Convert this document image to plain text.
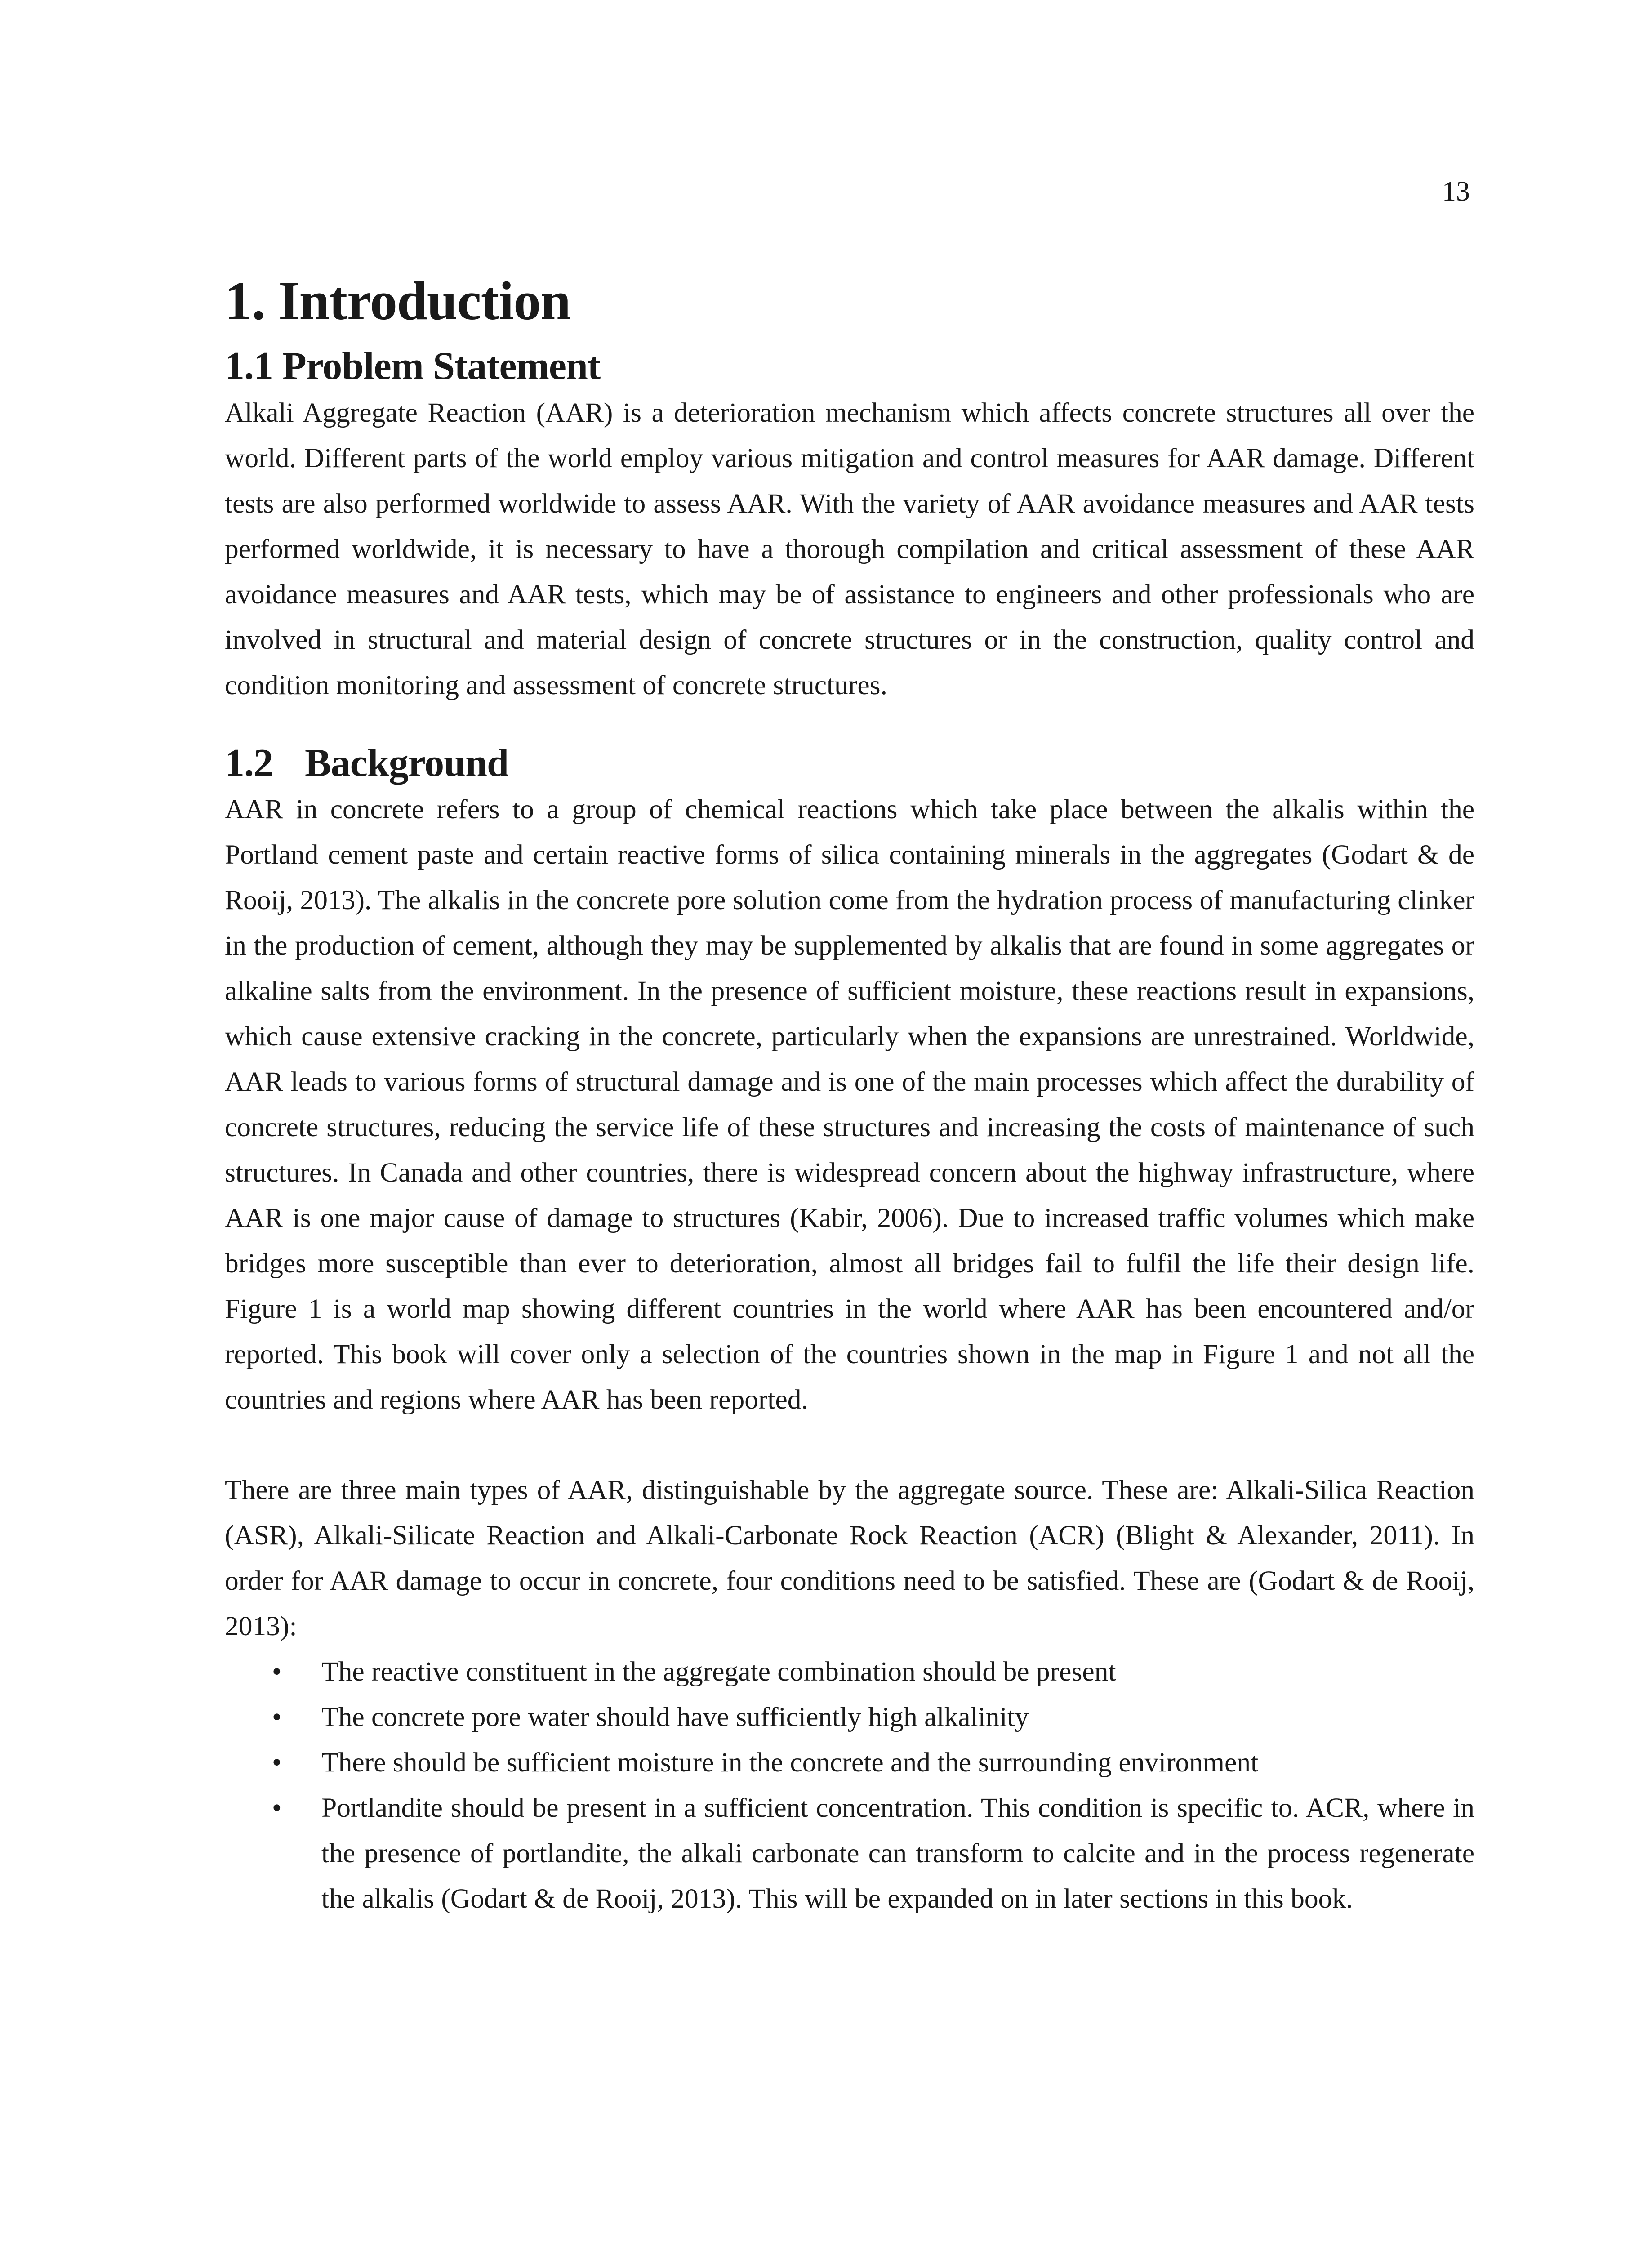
13
1. Introduction
1.1 Problem Statement

Alkali Aggregate Reaction (AAR) is a deterioration mechanism which affects concrete structures all over the world. Different parts of the world employ various mitigation and control measures for AAR damage. Different tests are also performed worldwide to assess AAR. With the variety of AAR avoidance measures and AAR tests performed worldwide, it is necessary to have a thorough compilation and critical assessment of these AAR avoidance measures and AAR tests, which may be of assistance to engineers and other professionals who are involved in structural and material design of concrete structures or in the construction, quality control and condition monitoring and assessment of concrete structures.

1.2 Background

AAR in concrete refers to a group of chemical reactions which take place between the alkalis within the Portland cement paste and certain reactive forms of silica containing minerals in the aggregates (Godart & de Rooij, 2013). The alkalis in the concrete pore solution come from the hydration process of manufacturing clinker in the production of cement, although they may be supplemented by alkalis that are found in some aggregates or alkaline salts from the environment. In the presence of sufficient moisture, these reactions result in expansions, which cause extensive cracking in the concrete, particularly when the expansions are unrestrained. Worldwide, AAR leads to various forms of structural damage and is one of the main processes which affect the durability of concrete structures, reducing the service life of these structures and increasing the costs of maintenance of such structures. In Canada and other countries, there is widespread concern about the highway infrastructure, where AAR is one major cause of damage to structures (Kabir, 2006). Due to increased traffic volumes which make bridges more susceptible than ever to deterioration, almost all bridges fail to fulfil the life their design life. Figure 1 is a world map showing different countries in the world where AAR has been encountered and/or reported. This book will cover only a selection of the countries shown in the map in Figure 1 and not all the countries and regions where AAR has been reported.

There are three main types of AAR, distinguishable by the aggregate source. These are: Alkali-Silica Reaction (ASR), Alkali-Silicate Reaction and Alkali-Carbonate Rock Reaction (ACR) (Blight & Alexander, 2011). In order for AAR damage to occur in concrete, four conditions need to be satisfied. These are (Godart & de Rooij, 2013):

• The reactive constituent in the aggregate combination should be present
• The concrete pore water should have sufficiently high alkalinity
• There should be sufficient moisture in the concrete and the surrounding environment
• Portlandite should be present in a sufficient concentration. This condition is specific to. ACR, where in the presence of portlandite, the alkali carbonate can transform to calcite and in the process regenerate the alkalis (Godart & de Rooij, 2013). This will be expanded on in later sections in this book.
